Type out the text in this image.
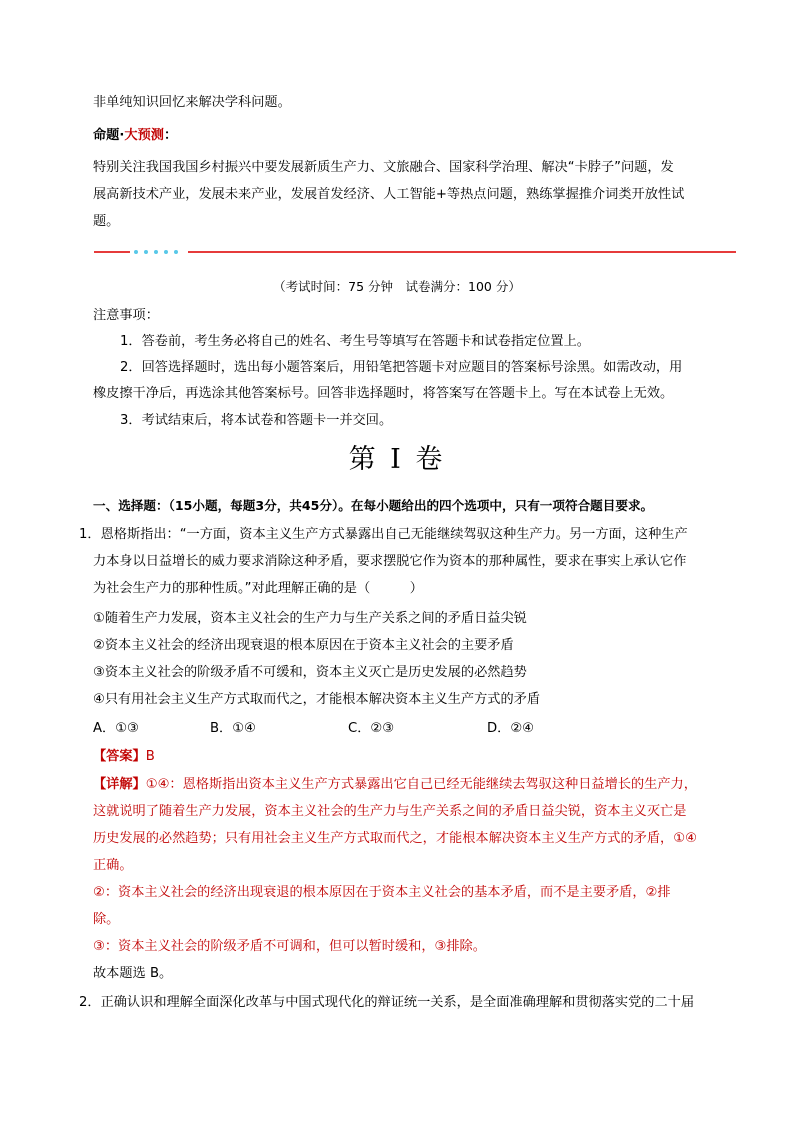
非单纯知识回忆来解决学科问题。
命题·大预测：
特别关注我国我国乡村振兴中要发展新质生产力、文旅融合、国家科学治理、解决“卡脖子”问题，发
展高新技术产业，发展未来产业，发展首发经济、人工智能+等热点问题，熟练掌握推介词类开放性试
题。
（考试时间：75 分钟　试卷满分：100 分）
注意事项：
1．答卷前，考生务必将自己的姓名、考生号等填写在答题卡和试卷指定位置上。
2．回答选择题时，选出每小题答案后，用铅笔把答题卡对应题目的答案标号涂黑。如需改动，用
橡皮擦干净后，再选涂其他答案标号。回答非选择题时，将答案写在答题卡上。写在本试卷上无效。
3．考试结束后，将本试卷和答题卡一并交回。
第 I 卷
一、选择题：（15小题，每题3分，共45分）。在每小题给出的四个选项中，只有一项符合题目要求。
1．恩格斯指出：“一方面，资本主义生产方式暴露出自己无能继续驾驭这种生产力。另一方面，这种生产
力本身以日益增长的威力要求消除这种矛盾，要求摆脱它作为资本的那种属性，要求在事实上承认它作
为社会生产力的那种性质。”对此理解正确的是（　　　）
①随着生产力发展，资本主义社会的生产力与生产关系之间的矛盾日益尖锐
②资本主义社会的经济出现衰退的根本原因在于资本主义社会的主要矛盾
③资本主义社会的阶级矛盾不可缓和，资本主义灭亡是历史发展的必然趋势
④只有用社会主义生产方式取而代之，才能根本解决资本主义生产方式的矛盾
A．①③	B．①④	C．②③	D．②④
【答案】B
【详解】①④：恩格斯指出资本主义生产方式暴露出它自己已经无能继续去驾驭这种日益增长的生产力，
这就说明了随着生产力发展，资本主义社会的生产力与生产关系之间的矛盾日益尖锐，资本主义灭亡是
历史发展的必然趋势；只有用社会主义生产方式取而代之，才能根本解决资本主义生产方式的矛盾，①④
正确。
②：资本主义社会的经济出现衰退的根本原因在于资本主义社会的基本矛盾，而不是主要矛盾，②排
除。
③：资本主义社会的阶级矛盾不可调和，但可以暂时缓和，③排除。
故本题选 B。
2．正确认识和理解全面深化改革与中国式现代化的辩证统一关系，是全面准确理解和贯彻落实党的二十届
